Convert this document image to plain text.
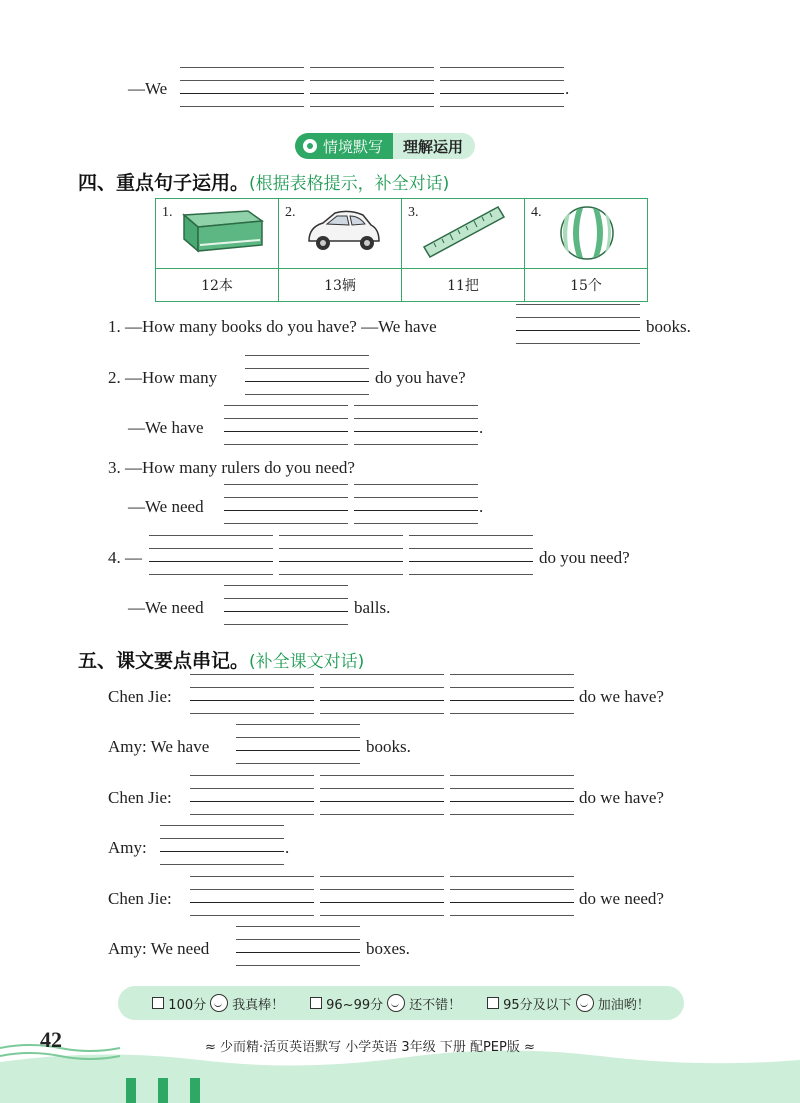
—We	.
情境默写 理解运用
四、重点句子运用。(根据表格提示，补全对话)
1.	2.	3.	4.

12本	13辆	11把	15个
1. —How many books do you have? —We have	books.
2. —How many	do you have?
—We have	.
3. —How many rulers do you need?
—We need	.
4. —	do you need?
—We need	balls.
五、课文要点串记。(补全课文对话)
Chen Jie:	do we have?
Amy: We have	books.
Chen Jie:	do we have?
Amy:	.
Chen Jie:	do we need?
Amy: We need	boxes.
100分 我真棒！	96~99分 还不错！	95分及以下 加油哟！
42	≈ 少而精·活页英语默写 小学英语 3年级 下册 配PEP版 ≈
